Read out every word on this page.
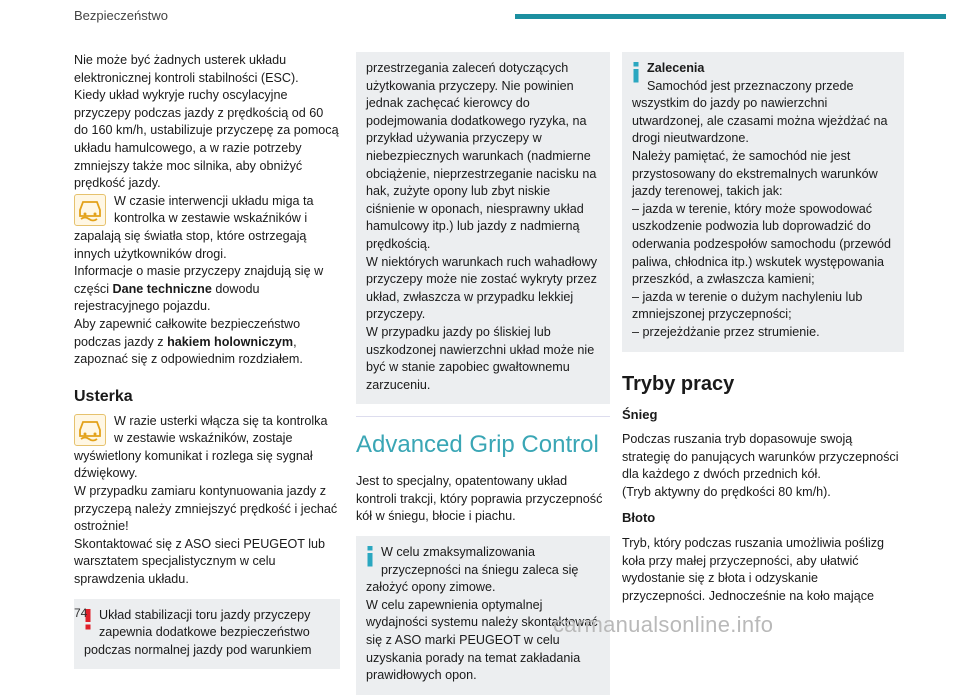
Bezpieczeństwo

Nie może być żadnych usterek układu elektronicznej kontroli stabilności (ESC).

Kiedy układ wykryje ruchy oscylacyjne przyczepy podczas jazdy z prędkością od 60 do 160 km/h, ustabilizuje przyczepę za pomocą układu hamulcowego, a w razie potrzeby zmniejszy także moc silnika, aby obniżyć prędkość jazdy.

W czasie interwencji układu miga ta kontrolka w zestawie wskaźników i zapalają się światła stop, które ostrzegają innych użytkowników drogi.

Informacje o masie przyczepy znajdują się w części Dane techniczne dowodu rejestracyjnego pojazdu.

Aby zapewnić całkowite bezpieczeństwo podczas jazdy z hakiem holowniczym, zapoznać się z odpowiednim rozdziałem.

Usterka

W razie usterki włącza się ta kontrolka w zestawie wskaźników, zostaje wyświetlony komunikat i rozlega się sygnał dźwiękowy.

W przypadku zamiaru kontynuowania jazdy z przyczepą należy zmniejszyć prędkość i jechać ostrożnie!

Skontaktować się z ASO sieci PEUGEOT lub warsztatem specjalistycznym w celu sprawdzenia układu.

Układ stabilizacji toru jazdy przyczepy zapewnia dodatkowe bezpieczeństwo podczas normalnej jazdy pod warunkiem

przestrzegania zaleceń dotyczących użytkowania przyczepy. Nie powinien jednak zachęcać kierowcy do podejmowania dodatkowego ryzyka, na przykład używania przyczepy w niebezpiecznych warunkach (nadmierne obciążenie, nieprzestrzeganie nacisku na hak, zużyte opony lub zbyt niskie ciśnienie w oponach, niesprawny układ hamulcowy itp.) lub jazdy z nadmierną prędkością.

W niektórych warunkach ruch wahadłowy przyczepy może nie zostać wykryty przez układ, zwłaszcza w przypadku lekkiej przyczepy.

W przypadku jazdy po śliskiej lub uszkodzonej nawierzchni układ może nie być w stanie zapobiec gwałtownemu zarzuceniu.

Advanced Grip Control

Jest to specjalny, opatentowany układ kontroli trakcji, który poprawia przyczepność kół w śniegu, błocie i piachu.

W celu zmaksymalizowania przyczepności na śniegu zaleca się założyć opony zimowe.

W celu zapewnienia optymalnej wydajności systemu należy skontaktować się z ASO marki PEUGEOT w celu uzyskania porady na temat zakładania prawidłowych opon.

Zalecenia

Samochód jest przeznaczony przede wszystkim do jazdy po nawierzchni utwardzonej, ale czasami można wjeżdżać na drogi nieutwardzone.

Należy pamiętać, że samochód nie jest przystosowany do ekstremalnych warunków jazdy terenowej, takich jak:

– jazda w terenie, który może spowodować uszkodzenie podwozia lub doprowadzić do oderwania podzespołów samochodu (przewód paliwa, chłodnica itp.) wskutek występowania przeszkód, a zwłaszcza kamieni;

– jazda w terenie o dużym nachyleniu lub zmniejszonej przyczepności;

– przejeżdżanie przez strumienie.

Tryby pracy
Śnieg

Podczas ruszania tryb dopasowuje swoją strategię do panujących warunków przyczepności dla każdego z dwóch przednich kół.

(Tryb aktywny do prędkości 80 km/h).

Błoto

Tryb, który podczas ruszania umożliwia poślizg koła przy małej przyczepności, aby ułatwić wydostanie się z błota i odzyskanie przyczepności. Jednocześnie na koło mające

74	carmanualsonline.info
